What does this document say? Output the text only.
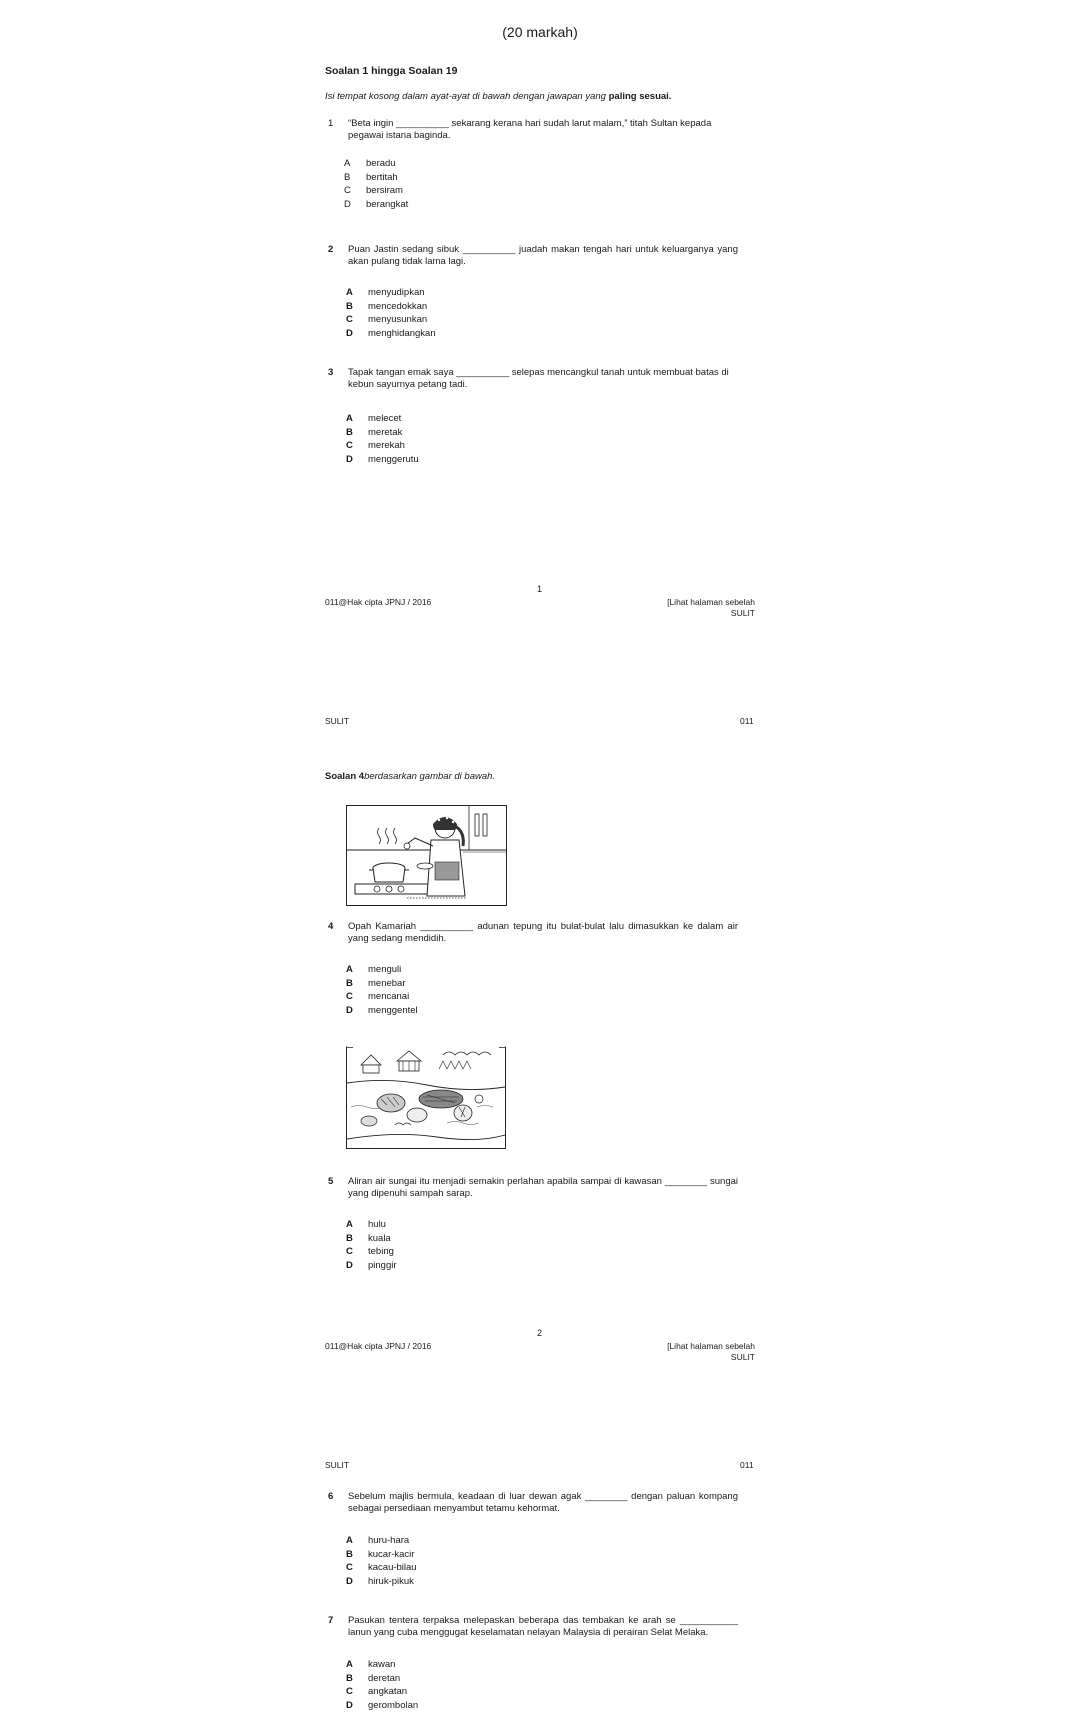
(20 markah)
Soalan 1 hingga Soalan 19
Isi tempat kosong dalam ayat-ayat di bawah dengan jawapan yang paling sesuai.
1	“Beta ingin __________ sekarang kerana hari sudah larut malam,” titah Sultan kepada pegawai istana baginda.
A	beradu
B	bertitah
C	bersiram
D	berangkat
2	Puan Jastin sedang sibuk __________ juadah makan tengah hari untuk keluarganya yang akan pulang tidak lama lagi.
A	menyudipkan
B	mencedokkan
C	menyusunkan
D	menghidangkan
3	Tapak tangan emak saya __________ selepas mencangkul tanah untuk membuat batas di kebun sayurnya petang tadi.
A	melecet
B	meretak
C	merekah
D	menggerutu
1
011@Hak cipta JPNJ / 2016	[Lihat halaman sebelah
SULIT
SULIT	011
Soalan 4berdasarkan gambar di bawah.
4	Opah Kamariah __________ adunan tepung itu bulat-bulat lalu dimasukkan ke dalam air yang sedang mendidih.
A	menguli
B	menebar
C	mencanai
D	menggentel
5	Aliran air sungai itu menjadi semakin perlahan apabila sampai di kawasan ________ sungai yang dipenuhi sampah sarap.
A	hulu
B	kuala
C	tebing
D	pinggir
2
011@Hak cipta JPNJ / 2016	[Lihat halaman sebelah
SULIT
SULIT	011
6	Sebelum majlis bermula, keadaan di luar dewan agak ________ dengan paluan kompang sebagai persediaan menyambut tetamu kehormat.
A	huru-hara
B	kucar-kacir
C	kacau-bilau
D	hiruk-pikuk
7	Pasukan tentera terpaksa melepaskan beberapa das tembakan ke arah se ___________ lanun yang cuba menggugat keselamatan nelayan Malaysia di perairan Selat Melaka.
A	kawan
B	deretan
C	angkatan
D	gerombolan
